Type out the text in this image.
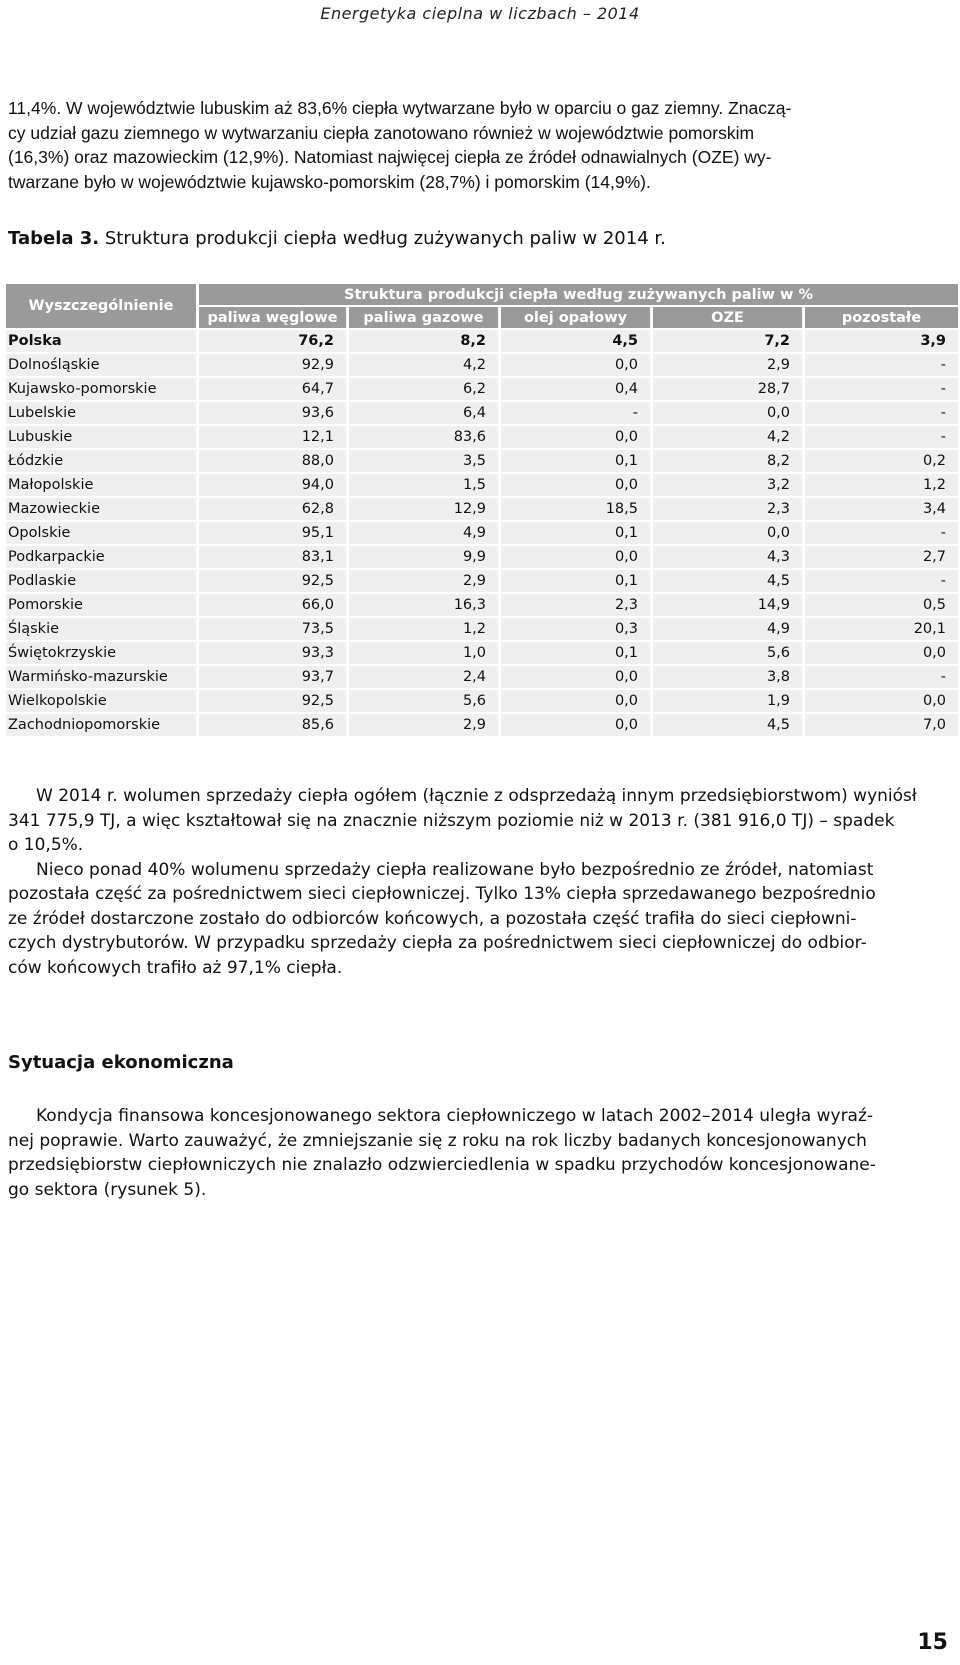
Energetyka cieplna w liczbach – 2014

11,4%. W województwie lubuskim aż 83,6% ciepła wytwarzane było w oparciu o gaz ziemny. Znaczą-
cy udział gazu ziemnego w wytwarzaniu ciepła zanotowano również w województwie pomorskim
(16,3%) oraz mazowieckim (12,9%). Natomiast najwięcej ciepła ze źródeł odnawialnych (OZE) wy-
twarzane było w województwie kujawsko-pomorskim (28,7%) i pomorskim (14,9%).

Tabela 3. Struktura produkcji ciepła według zużywanych paliw w 2014 r.
Wyszczególnienie	Struktura produkcji ciepła według zużywanych paliw w %				
	paliwa węglowe	paliwa gazowe	olej opałowy	OZE	pozostałe
Polska	76,2	8,2	4,5	7,2	3,9
Dolnośląskie	92,9	4,2	0,0	2,9	-
Kujawsko-pomorskie	64,7	6,2	0,4	28,7	-
Lubelskie	93,6	6,4	-	0,0	-
Lubuskie	12,1	83,6	0,0	4,2	-
Łódzkie	88,0	3,5	0,1	8,2	0,2
Małopolskie	94,0	1,5	0,0	3,2	1,2
Mazowieckie	62,8	12,9	18,5	2,3	3,4
Opolskie	95,1	4,9	0,1	0,0	-
Podkarpackie	83,1	9,9	0,0	4,3	2,7
Podlaskie	92,5	2,9	0,1	4,5	-
Pomorskie	66,0	16,3	2,3	14,9	0,5
Śląskie	73,5	1,2	0,3	4,9	20,1
Świętokrzyskie	93,3	1,0	0,1	5,6	0,0
Warmińsko-mazurskie	93,7	2,4	0,0	3,8	-
Wielkopolskie	92,5	5,6	0,0	1,9	0,0
Zachodniopomorskie	85,6	2,9	0,0	4,5	7,0

W 2014 r. wolumen sprzedaży ciepła ogółem (łącznie z odsprzedażą innym przedsiębiorstwom) wyniósł

341 775,9 TJ, a więc kształtował się na znacznie niższym poziomie niż w 2013 r. (381 916,0 TJ) – spadek
o 10,5%.

Nieco ponad 40% wolumenu sprzedaży ciepła realizowane było bezpośrednio ze źródeł, natomiast

pozostała część za pośrednictwem sieci ciepłowniczej. Tylko 13% ciepła sprzedawanego bezpośrednio
ze źródeł dostarczone zostało do odbiorców końcowych, a pozostała część trafiła do sieci ciepłowni-
czych dystrybutorów. W przypadku sprzedaży ciepła za pośrednictwem sieci ciepłowniczej do odbior-
ców końcowych trafiło aż 97,1% ciepła.

Sytuacja ekonomiczna

Kondycja finansowa koncesjonowanego sektora ciepłowniczego w latach 2002–2014 uległa wyraź-

nej poprawie. Warto zauważyć, że zmniejszanie się z roku na rok liczby badanych koncesjonowanych
przedsiębiorstw ciepłowniczych nie znalazło odzwierciedlenia w spadku przychodów koncesjonowane-
go sektora (rysunek 5).

15
